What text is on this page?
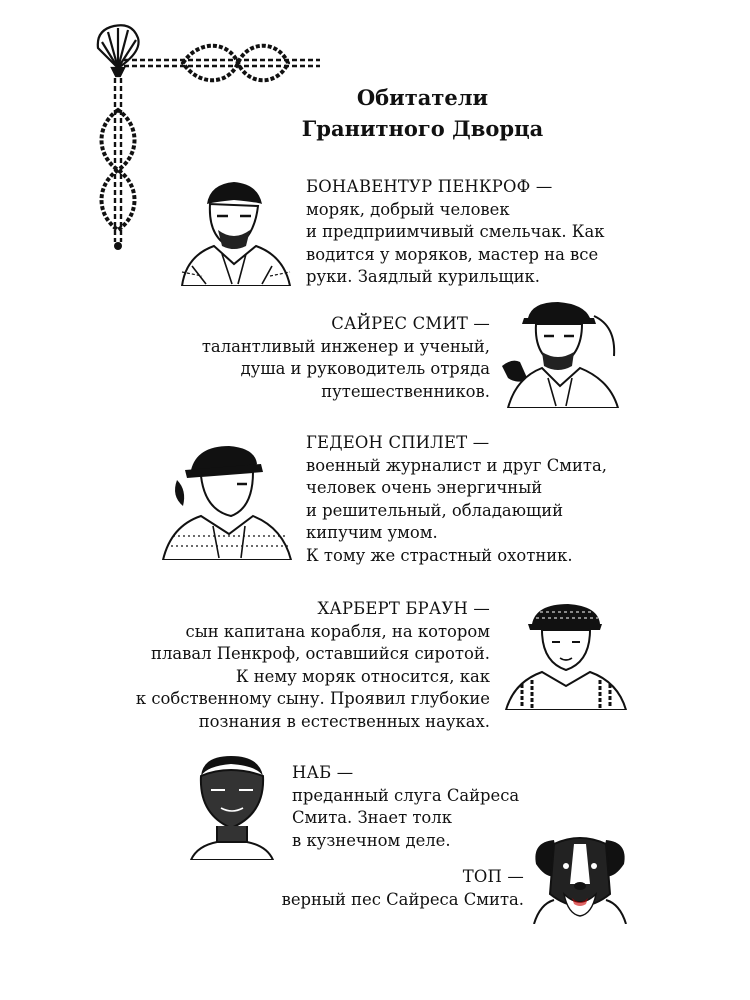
Обитатели
Гранитного Дворца
БОНАВЕНТУР ПЕНКРОФ —
моряк, добрый человек
и предприимчивый смельчак. Как
водится у моряков, мастер на все
руки. Заядлый курильщик.
САЙРЕС СМИТ —
талантливый инженер и ученый,
душа и руководитель отряда
путешественников.
ГЕДЕОН СПИЛЕТ —
военный журналист и друг Смита,
человек очень энергичный
и решительный, обладающий
кипучим умом.
К тому же страстный охотник.
ХАРБЕРТ БРАУН —
сын капитана корабля, на котором
плавал Пенкроф, оставшийся сиротой.
К нему моряк относится, как
к собственному сыну. Проявил глубокие
познания в естественных науках.
НАБ —
преданный слуга Сайреса
Смита. Знает толк
в кузнечном деле.
ТОП —
верный пес Сайреса Смита.
